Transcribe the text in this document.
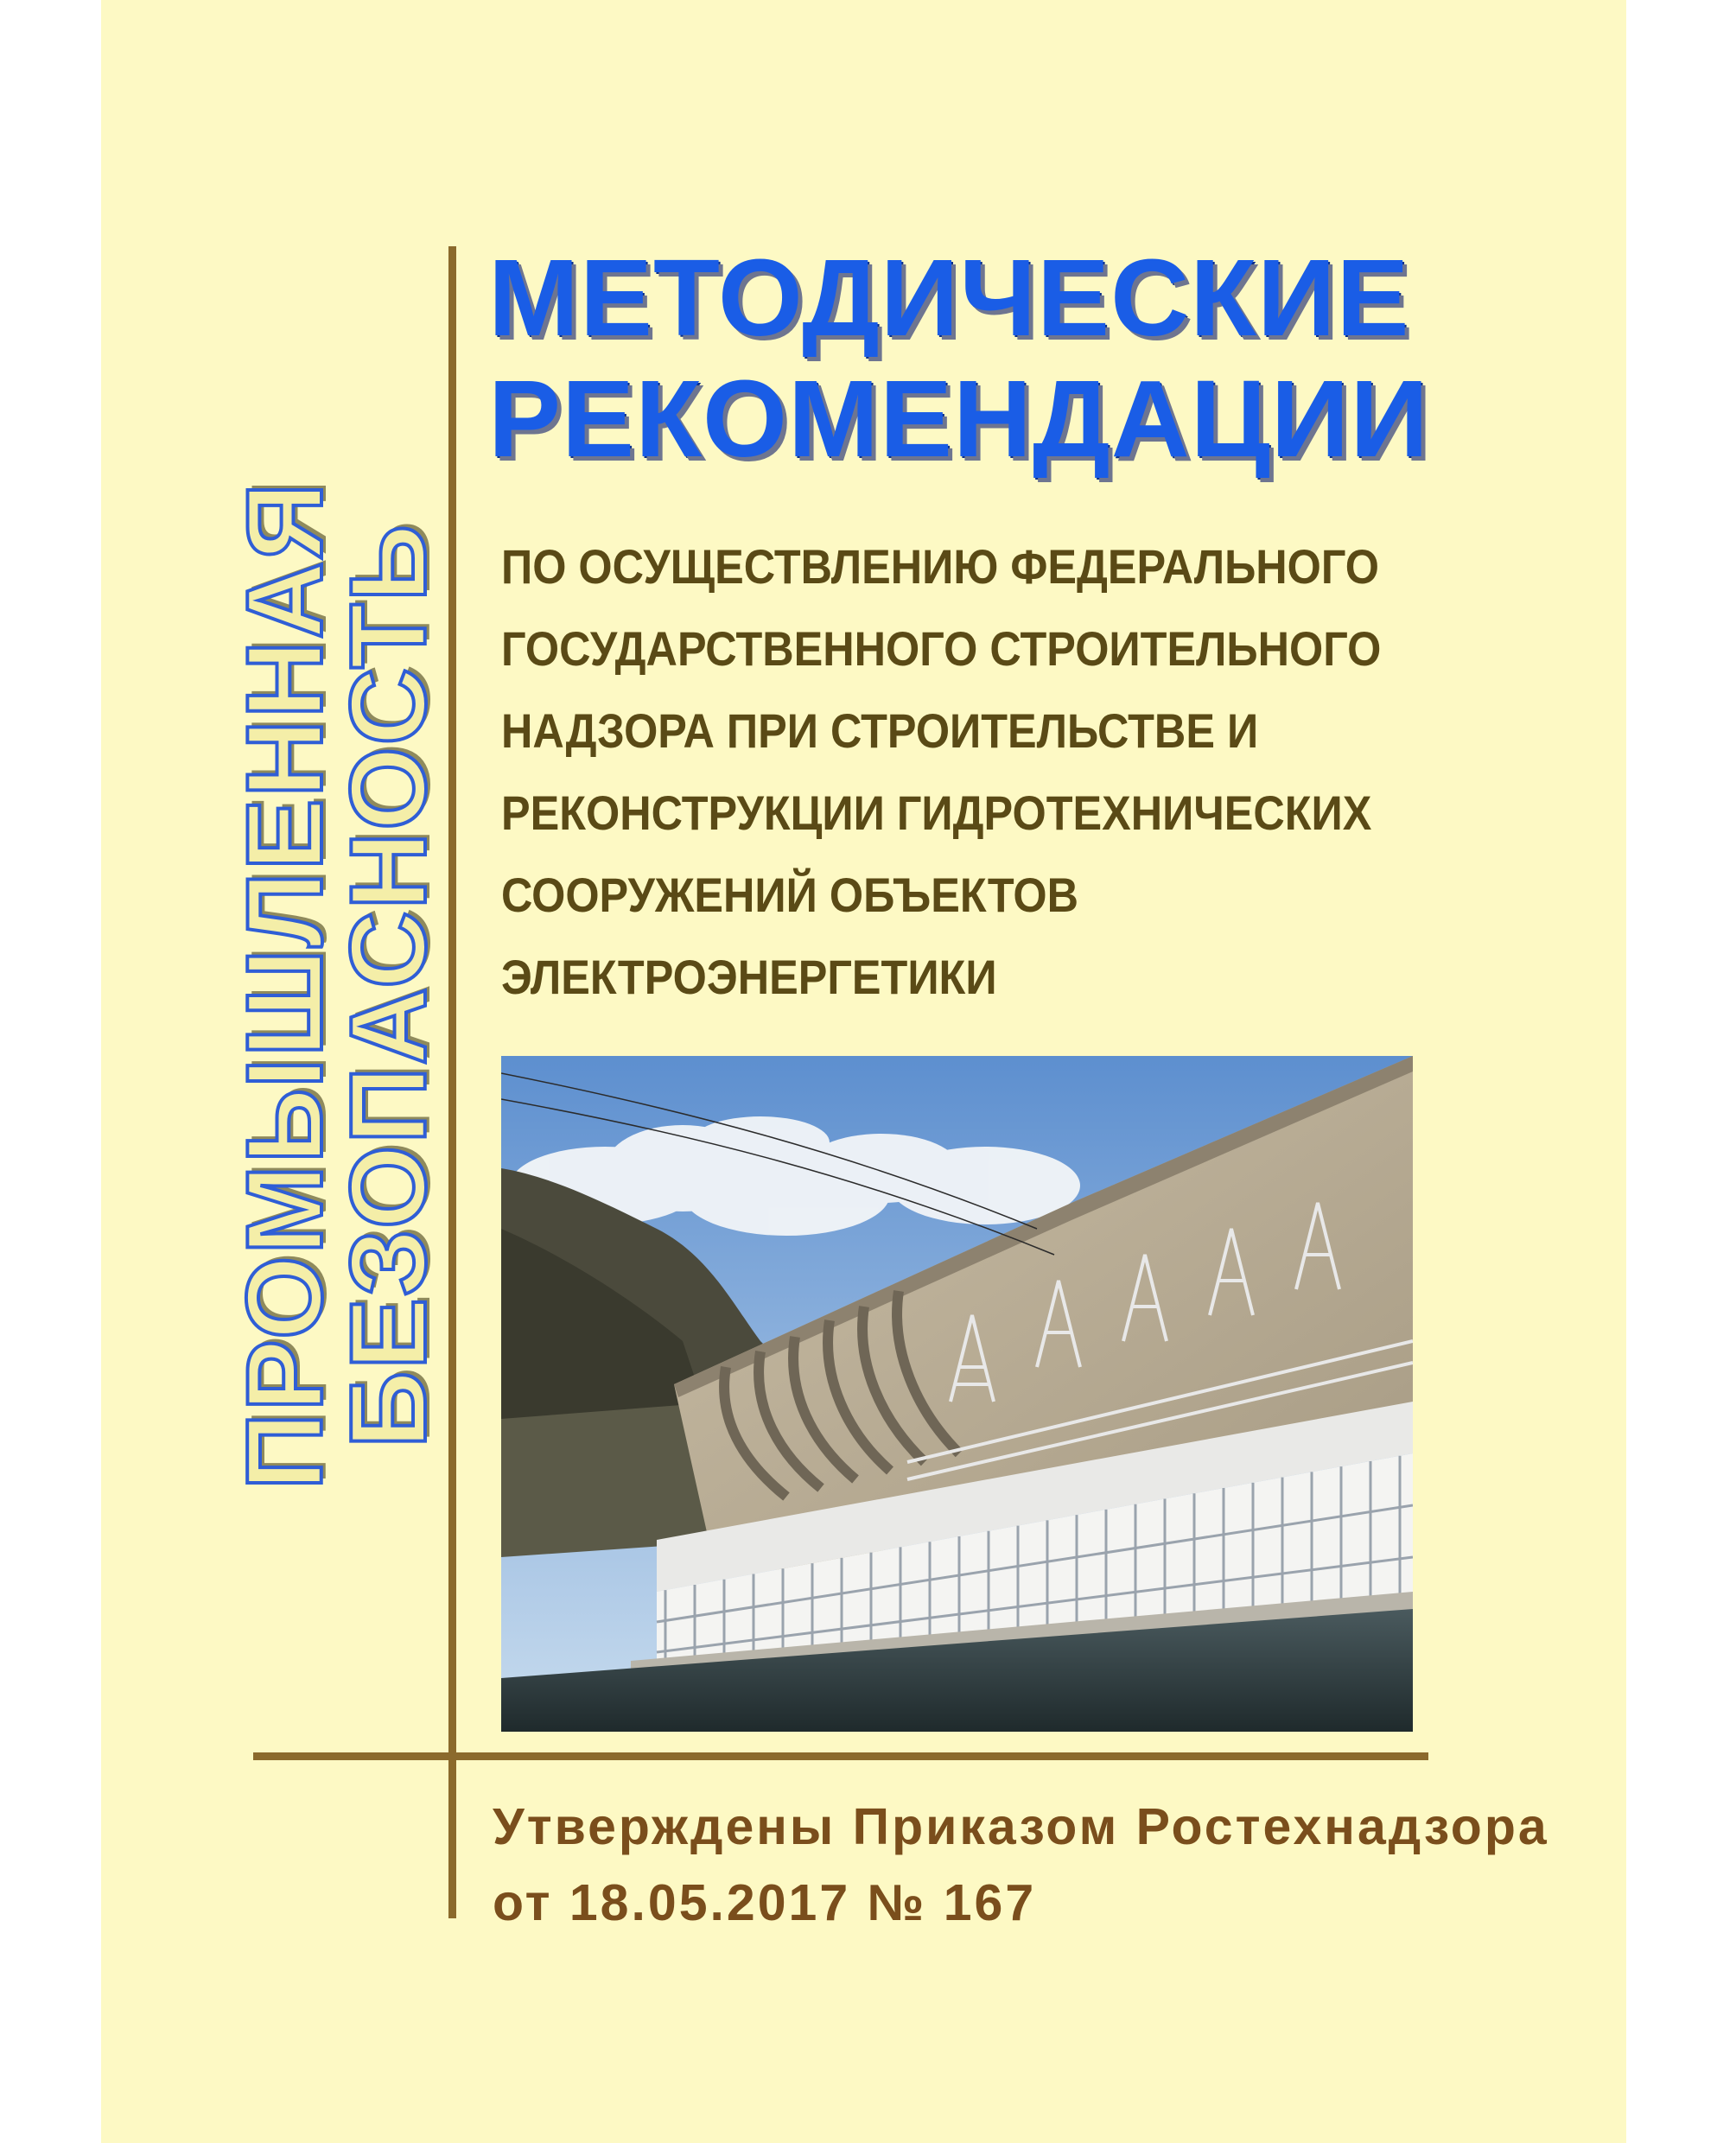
ПРОМЫШЛЕННАЯ
БЕЗОПАСНОСТЬ
МЕТОДИЧЕСКИЕ
РЕКОМЕНДАЦИИ
ПО ОСУЩЕСТВЛЕНИЮ ФЕДЕРАЛЬНОГО
ГОСУДАРСТВЕННОГО СТРОИТЕЛЬНОГО
НАДЗОРА ПРИ СТРОИТЕЛЬСТВЕ И
РЕКОНСТРУКЦИИ ГИДРОТЕХНИЧЕСКИХ
СООРУЖЕНИЙ ОБЪЕКТОВ
ЭЛЕКТРОЭНЕРГЕТИКИ
Утверждены Приказом Ростехнадзора
от 18.05.2017 № 167
